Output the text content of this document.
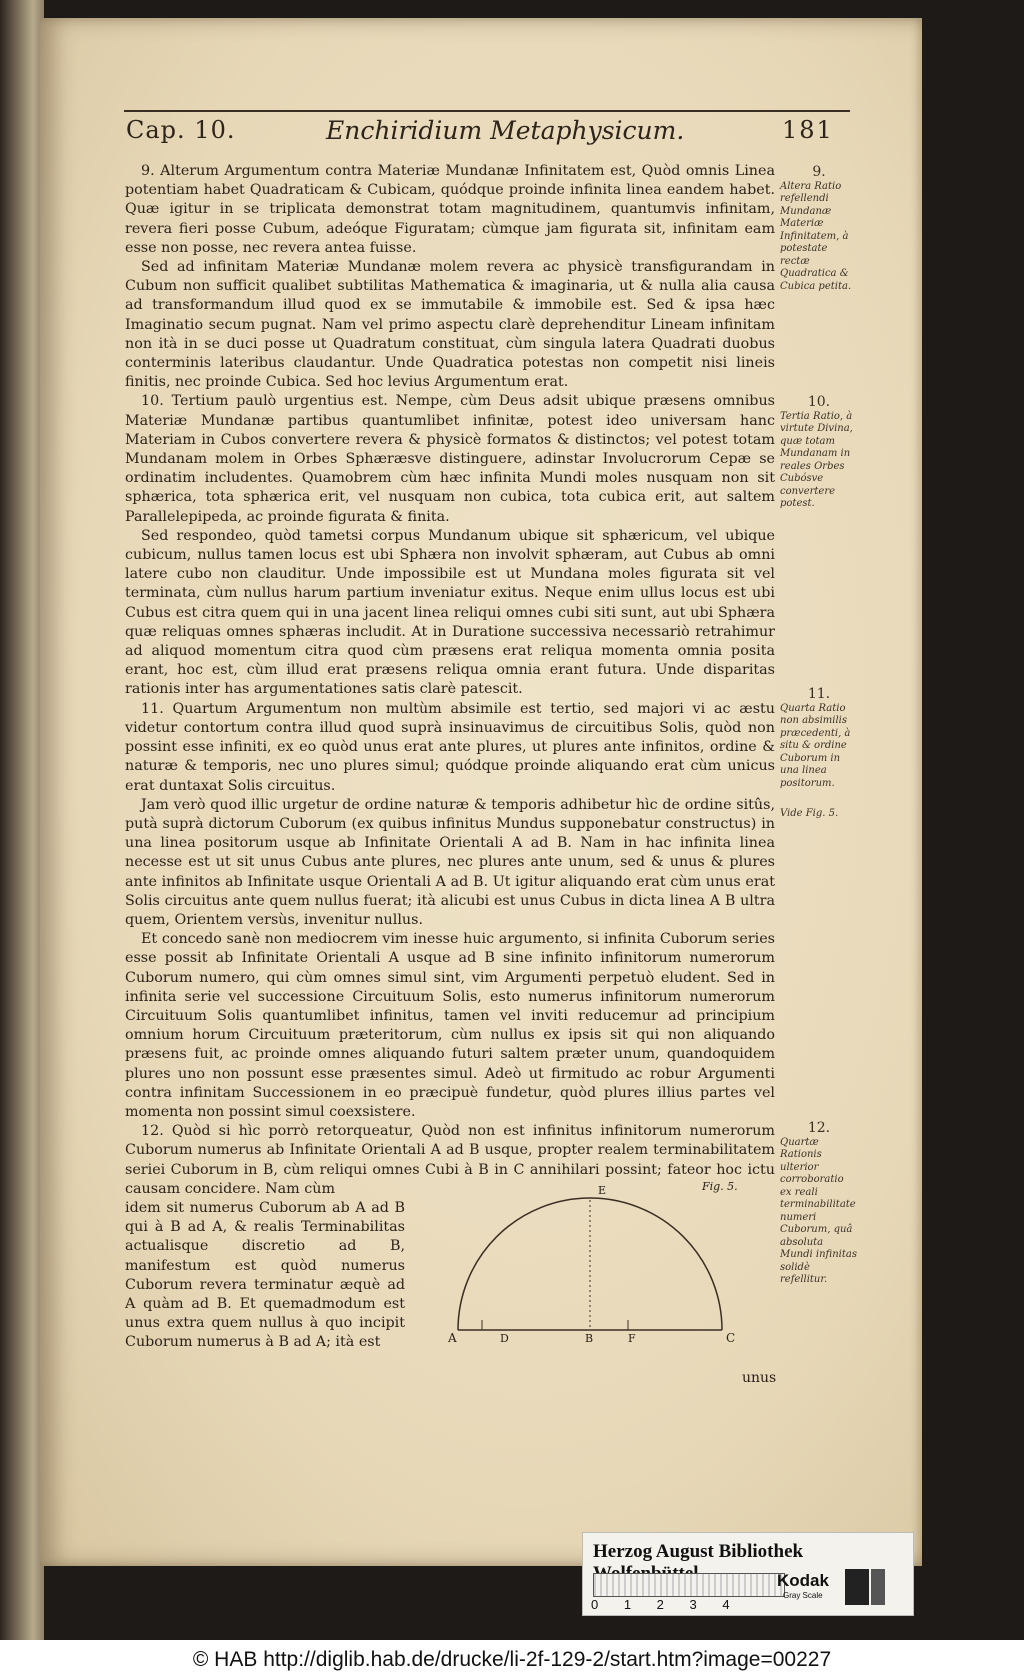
Cap. 10.	Enchiridium Metaphysicum.	181

9. Alterum Argumentum contra Materiæ Mundanæ Infinitatem est, Quòd omnis Linea potentiam habet Quadraticam & Cubicam, quódque proinde infinita linea eandem habet. Quæ igitur in se triplicata demonstrat totam magnitudinem, quantumvis infinitam, revera fieri posse Cubum, adeóque Figuratam; cùmque jam figurata sit, infinitam eam esse non posse, nec revera antea fuisse.

Sed ad infinitam Materiæ Mundanæ molem revera ac physicè transfigurandam in Cubum non sufficit qualibet subtilitas Mathematica & imaginaria, ut & nulla alia causa ad transformandum illud quod ex se immutabile & immobile est. Sed & ipsa hæc Imaginatio secum pugnat. Nam vel primo aspectu clarè deprehenditur Lineam infinitam non ità in se duci posse ut Quadratum constituat, cùm singula latera Quadrati duobus conterminis lateribus claudantur. Unde Quadratica potestas non competit nisi lineis finitis, nec proinde Cubica. Sed hoc levius Argumentum erat.

10. Tertium paulò urgentius est. Nempe, cùm Deus adsit ubique præsens omnibus Materiæ Mundanæ partibus quantumlibet infinitæ, potest ideo universam hanc Materiam in Cubos convertere revera & physicè formatos & distinctos; vel potest totam Mundanam molem in Orbes Sphæræsve distinguere, adinstar Involucrorum Cepæ se ordinatim includentes. Quamobrem cùm hæc infinita Mundi moles nusquam non sit sphærica, tota sphærica erit, vel nusquam non cubica, tota cubica erit, aut saltem Parallelepipeda, ac proinde figurata & finita.

Sed respondeo, quòd tametsi corpus Mundanum ubique sit sphæricum, vel ubique cubicum, nullus tamen locus est ubi Sphæra non involvit sphæram, aut Cubus ab omni latere cubo non clauditur. Unde impossibile est ut Mundana moles figurata sit vel terminata, cùm nullus harum partium inveniatur exitus. Neque enim ullus locus est ubi Cubus est citra quem qui in una jacent linea reliqui omnes cubi siti sunt, aut ubi Sphæra quæ reliquas omnes sphæras includit. At in Duratione successiva necessariò retrahimur ad aliquod momentum citra quod cùm præsens erat reliqua momenta omnia posita erant, hoc est, cùm illud erat præsens reliqua omnia erant futura. Unde disparitas rationis inter has argumentationes satis clarè patescit.

11. Quartum Argumentum non multùm absimile est tertio, sed majori vi ac æstu videtur contortum contra illud quod suprà insinuavimus de circuitibus Solis, quòd non possint esse infiniti, ex eo quòd unus erat ante plures, ut plures ante infinitos, ordine & naturæ & temporis, nec uno plures simul; quódque proinde aliquando erat cùm unicus erat duntaxat Solis circuitus.

Jam verò quod illic urgetur de ordine naturæ & temporis adhibetur hìc de ordine sitûs, putà suprà dictorum Cuborum (ex quibus infinitus Mundus supponebatur constructus) in una linea positorum usque ab Infinitate Orientali A ad B. Nam in hac infinita linea necesse est ut sit unus Cubus ante plures, nec plures ante unum, sed & unus & plures ante infinitos ab Infinitate usque Orientali A ad B. Ut igitur aliquando erat cùm unus erat Solis circuitus ante quem nullus fuerat; ità alicubi est unus Cubus in dicta linea A B ultra quem, Orientem versùs, invenitur nullus.

Et concedo sanè non mediocrem vim inesse huic argumento, si infinita Cuborum series esse possit ab Infinitate Orientali A usque ad B sine infinito infinitorum numerorum Cuborum numero, qui cùm omnes simul sint, vim Argumenti perpetuò eludent. Sed in infinita serie vel successione Circuituum Solis, esto numerus infinitorum numerorum Circuituum Solis quantumlibet infinitus, tamen vel inviti reducemur ad principium omnium horum Circuituum præteritorum, cùm nullus ex ipsis sit qui non aliquando præsens fuit, ac proinde omnes aliquando futuri saltem præter unum, quandoquidem plures uno non possunt esse præsentes simul. Adeò ut firmitudo ac robur Argumenti contra infinitam Successionem in eo præcipuè fundetur, quòd plures illius partes vel momenta non possint simul coexsistere.

12. Quòd si hìc porrò retorqueatur, Quòd non est infinitus infinitorum numerorum Cuborum numerus ab Infinitate Orientali A ad B usque, propter realem terminabilitatem seriei Cuborum in B, cùm reliqui omnes Cubi à B in C annihilari possint; fateor hoc ictu causam concidere. Nam cùm

idem sit numerus Cuborum ab A ad B qui à B ad A, & realis Terminabilitas actualisque discretio ad B, manifestum est quòd numerus Cuborum revera terminatur æquè ad A quàm ad B. Et quemadmodum est unus extra quem nullus à quo incipit Cuborum numerus à B ad A; ità est

9.
Altera Ratio refellendi Mundanæ Materiæ Infinitatem, à potestate rectæ Quadratica & Cubica petita.
10.
Tertia Ratio, à virtute Divina, quæ totam Mundanam in reales Orbes Cubósve convertere potest.
11.
Quarta Ratio non absimilis præcedenti, à situ & ordine Cuborum in una linea positorum.
Vide Fig. 5.
12.
Quartæ Rationis ulterior corroboratio ex reali terminabilitate numeri Cuborum, quâ absoluta Mundi infinitas solidè refellitur.
A	D	B	F	C
E	Fig. 5.
unus
Herzog August Bibliothek
0 1 2 3 4
Kodak
Gray Scale
© HAB http://diglib.hab.de/drucke/li-2f-129-2/start.htm?image=00227
